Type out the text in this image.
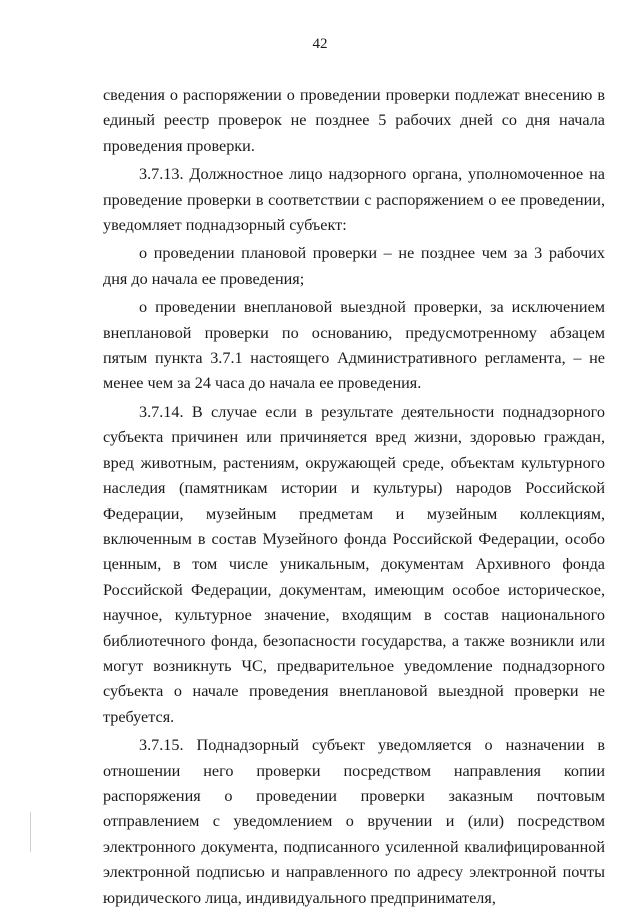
42

сведения о распоряжении о проведении проверки подлежат внесению в единый реестр проверок не позднее 5 рабочих дней со дня начала проведения проверки.

3.7.13. Должностное лицо надзорного органа, уполномоченное на проведение проверки в соответствии с распоряжением о ее проведении, уведомляет поднадзорный субъект:

о проведении плановой проверки – не позднее чем за 3 рабочих дня до начала ее проведения;

о проведении внеплановой выездной проверки, за исключением внеплановой проверки по основанию, предусмотренному абзацем пятым пункта 3.7.1 настоящего Административного регламента, – не менее чем за 24 часа до начала ее проведения.

3.7.14. В случае если в результате деятельности поднадзорного субъекта причинен или причиняется вред жизни, здоровью граждан, вред животным, растениям, окружающей среде, объектам культурного наследия (памятникам истории и культуры) народов Российской Федерации, музейным предметам и музейным коллекциям, включенным в состав Музейного фонда Российской Федерации, особо ценным, в том числе уникальным, документам Архивного фонда Российской Федерации, документам, имеющим особое историческое, научное, культурное значение, входящим в состав национального библиотечного фонда, безопасности государства, а также возникли или могут возникнуть ЧС, предварительное уведомление поднадзорного субъекта о начале проведения внеплановой выездной проверки не требуется.

3.7.15. Поднадзорный субъект уведомляется о назначении в отношении него проверки посредством направления копии распоряжения о проведении проверки заказным почтовым отправлением с уведомлением о вручении и (или) посредством электронного документа, подписанного усиленной квалифицированной электронной подписью и направленного по адресу электронной почты юридического лица, индивидуального предпринимателя,
